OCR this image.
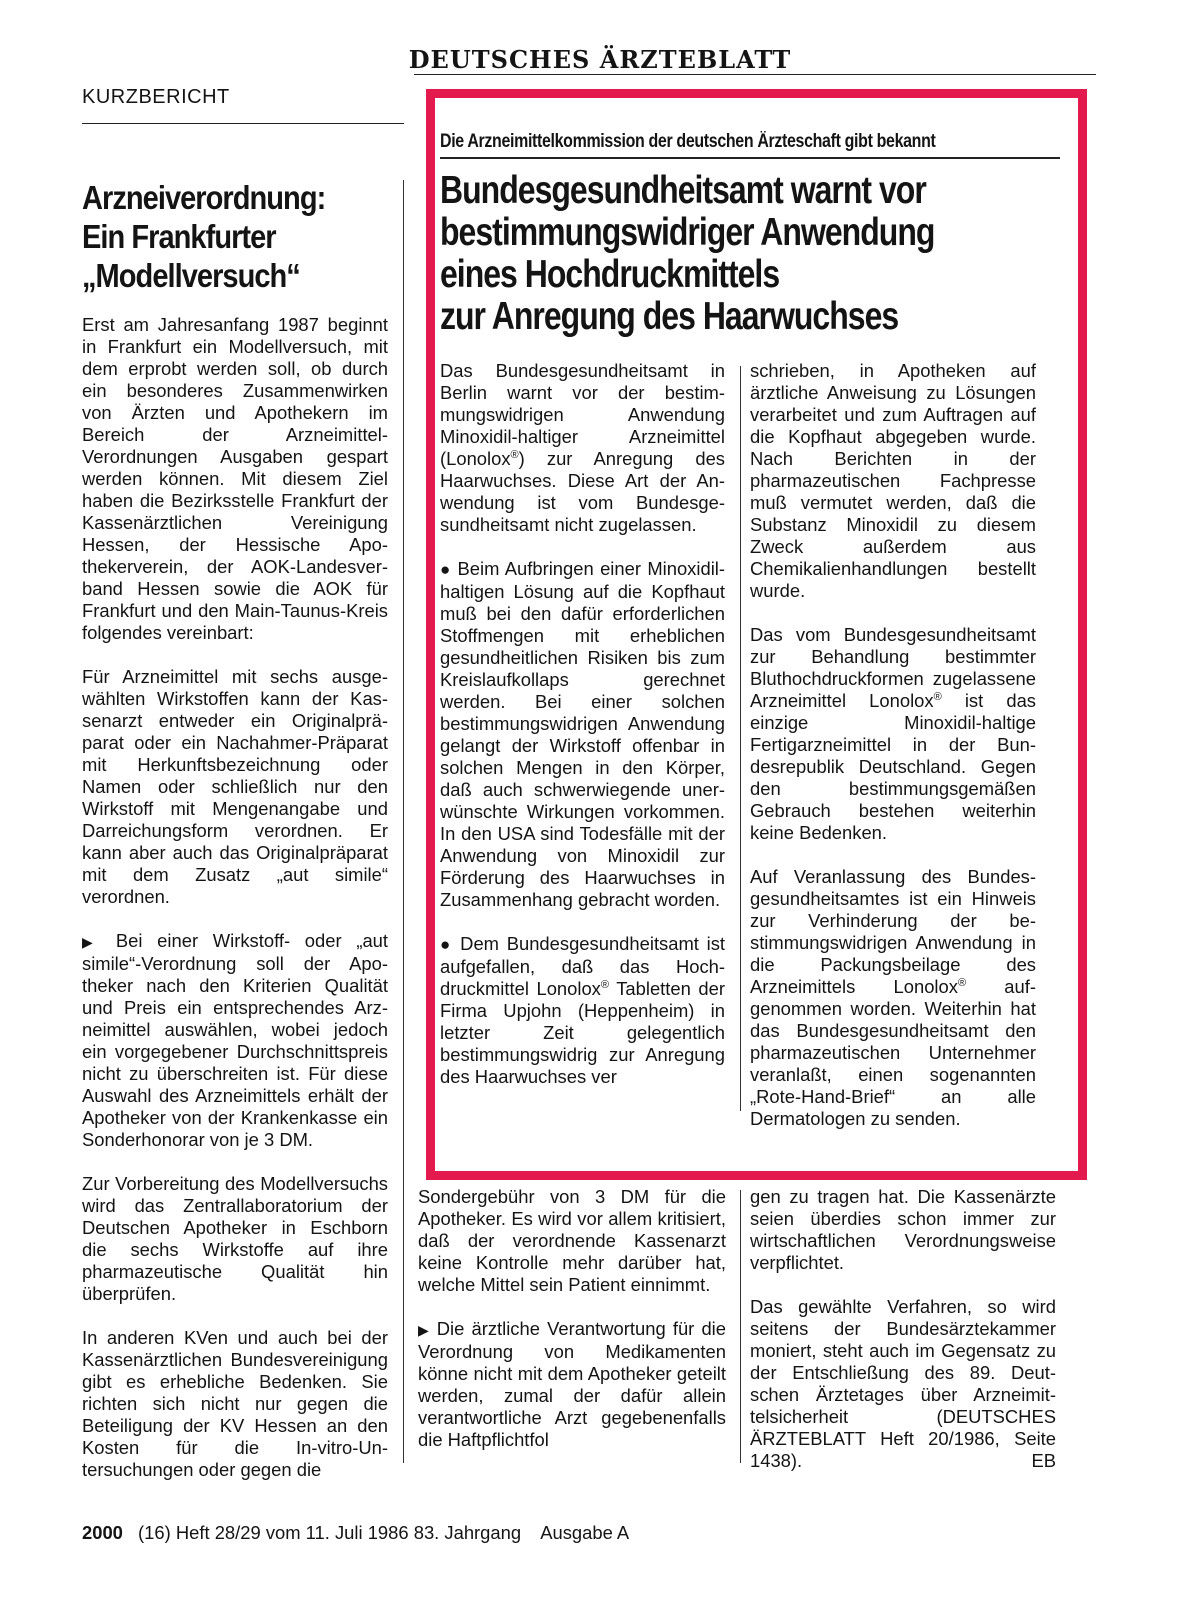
DEUTSCHES ÄRZTEBLATT
KURZBERICHT
Arzneiverordnung:
Ein Frankfurter
„Modellversuch“

Erst am Jahresanfang 1987 beginnt in Frankfurt ein Modellversuch, mit dem erprobt werden soll, ob durch ein besonderes Zusammenwirken von Ärzten und Apothekern im Bereich der Arzneimittel-Verordnungen Ausgaben gespart werden können. Mit diesem Ziel haben die Bezirksstelle Frankfurt der Kassenärztlichen Vereinigung Hessen, der Hessische Apothekerverein, der AOK-Landesverband Hessen sowie die AOK für Frankfurt und den Main-Taunus-Kreis folgendes vereinbart:

Für Arzneimittel mit sechs ausgewählten Wirkstoffen kann der Kassenarzt entweder ein Originalpräparat oder ein Nachahmer-Präparat mit Herkunftsbezeichnung oder Namen oder schließlich nur den Wirkstoff mit Mengenangabe und Darreichungsform verordnen. Er kann aber auch das Originalpräparat mit dem Zusatz „aut simile“ verordnen.

▶ Bei einer Wirkstoff- oder „aut simile“-Verordnung soll der Apotheker nach den Kriterien Qualität und Preis ein entsprechendes Arzneimittel auswählen, wobei jedoch ein vorgegebener Durchschnittspreis nicht zu überschreiten ist. Für diese Auswahl des Arzneimittels erhält der Apotheker von der Krankenkasse ein Sonderhonorar von je 3 DM.

Zur Vorbereitung des Modellversuchs wird das Zentrallaboratorium der Deutschen Apotheker in Eschborn die sechs Wirkstoffe auf ihre pharmazeutische Qualität hin überprüfen.

In anderen KVen und auch bei der Kassenärztlichen Bundesvereinigung gibt es erhebliche Bedenken. Sie richten sich nicht nur gegen die Beteiligung der KV Hessen an den Kosten für die In-vitro-Untersuchungen oder gegen die

Die Arzneimittelkommission der deutschen Ärzteschaft gibt bekannt
Bundesgesundheitsamt warnt vor
bestimmungswidriger Anwendung
eines Hochdruckmittels
zur Anregung des Haarwuchses

Das Bundesgesundheitsamt in Berlin warnt vor der bestimmungswidrigen Anwendung Minoxidil-haltiger Arzneimittel (Lonolox®) zur Anregung des Haarwuchses. Diese Art der Anwendung ist vom Bundesgesundheitsamt nicht zugelassen.

● Beim Aufbringen einer Minoxidil-haltigen Lösung auf die Kopfhaut muß bei den dafür erforderlichen Stoffmengen mit erheblichen gesundheitlichen Risiken bis zum Kreislaufkollaps gerechnet werden. Bei einer solchen bestimmungswidrigen Anwendung gelangt der Wirkstoff offenbar in solchen Mengen in den Körper, daß auch schwerwiegende unerwünschte Wirkungen vorkommen. In den USA sind Todesfälle mit der Anwendung von Minoxidil zur Förderung des Haarwuchses in Zusammenhang gebracht worden.

● Dem Bundesgesundheitsamt ist aufgefallen, daß das Hochdruckmittel Lonolox® Tabletten der Firma Upjohn (Heppenheim) in letzter Zeit gelegentlich bestimmungswidrig zur Anregung des Haarwuchses ver

schrieben, in Apotheken auf ärztliche Anweisung zu Lösungen verarbeitet und zum Auftragen auf die Kopfhaut abgegeben wurde. Nach Berichten in der pharmazeutischen Fachpresse muß vermutet werden, daß die Substanz Minoxidil zu diesem Zweck außerdem aus Chemikalienhandlungen bestellt wurde.

Das vom Bundesgesundheitsamt zur Behandlung bestimmter Bluthochdruckformen zugelassene Arzneimittel Lonolox® ist das einzige Minoxidil-haltige Fertigarzneimittel in der Bundesrepublik Deutschland. Gegen den bestimmungsgemäßen Gebrauch bestehen weiterhin keine Bedenken.

Auf Veranlassung des Bundesgesundheitsamtes ist ein Hinweis zur Verhinderung der bestimmungswidrigen Anwendung in die Packungsbeilage des Arzneimittels Lonolox® aufgenommen worden. Weiterhin hat das Bundesgesundheitsamt den pharmazeutischen Unternehmer veranlaßt, einen sogenannten „Rote-Hand-Brief“ an alle Dermatologen zu senden.

Sondergebühr von 3 DM für die Apotheker. Es wird vor allem kritisiert, daß der verordnende Kassenarzt keine Kontrolle mehr darüber hat, welche Mittel sein Patient einnimmt.

▶ Die ärztliche Verantwortung für die Verordnung von Medikamenten könne nicht mit dem Apotheker geteilt werden, zumal der dafür allein verantwortliche Arzt gegebenenfalls die Haftpflichtfol

gen zu tragen hat. Die Kassenärzte seien überdies schon immer zur wirtschaftlichen Verordnungsweise verpflichtet.

Das gewählte Verfahren, so wird seitens der Bundesärztekammer moniert, steht auch im Gegensatz zu der Entschließung des 89. Deutschen Ärztetages über Arzneimittelsicherheit (DEUTSCHES ÄRZTEBLATT Heft 20/1986, Seite 1438).	EB

2000 (16) Heft 28/29 vom 11. Juli 1986 83. Jahrgang Ausgabe A
